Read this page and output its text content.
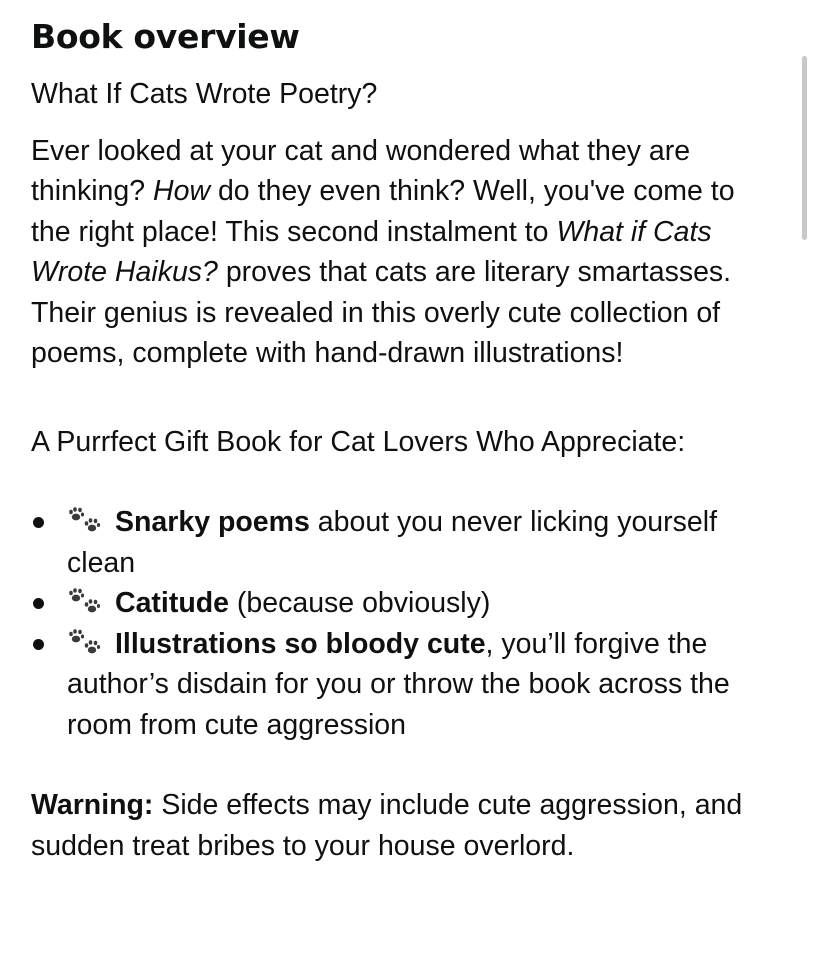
Book overview

What If Cats Wrote Poetry?

Ever looked at your cat and wondered what they are thinking? How do they even think? Well, you've come to the right place! This second instalment to What if Cats Wrote Haikus? proves that cats are literary smartasses. Their genius is revealed in this overly cute collection of poems, complete with hand-drawn illustrations!

A Purrfect Gift Book for Cat Lovers Who Appreciate:

Snarky poems about you never licking yourself clean
Catitude (because obviously)
Illustrations so bloody cute, you’ll forgive the author’s disdain for you or throw the book across the room from cute aggression

Warning: Side effects may include cute aggression, and sudden treat bribes to your house overlord.
